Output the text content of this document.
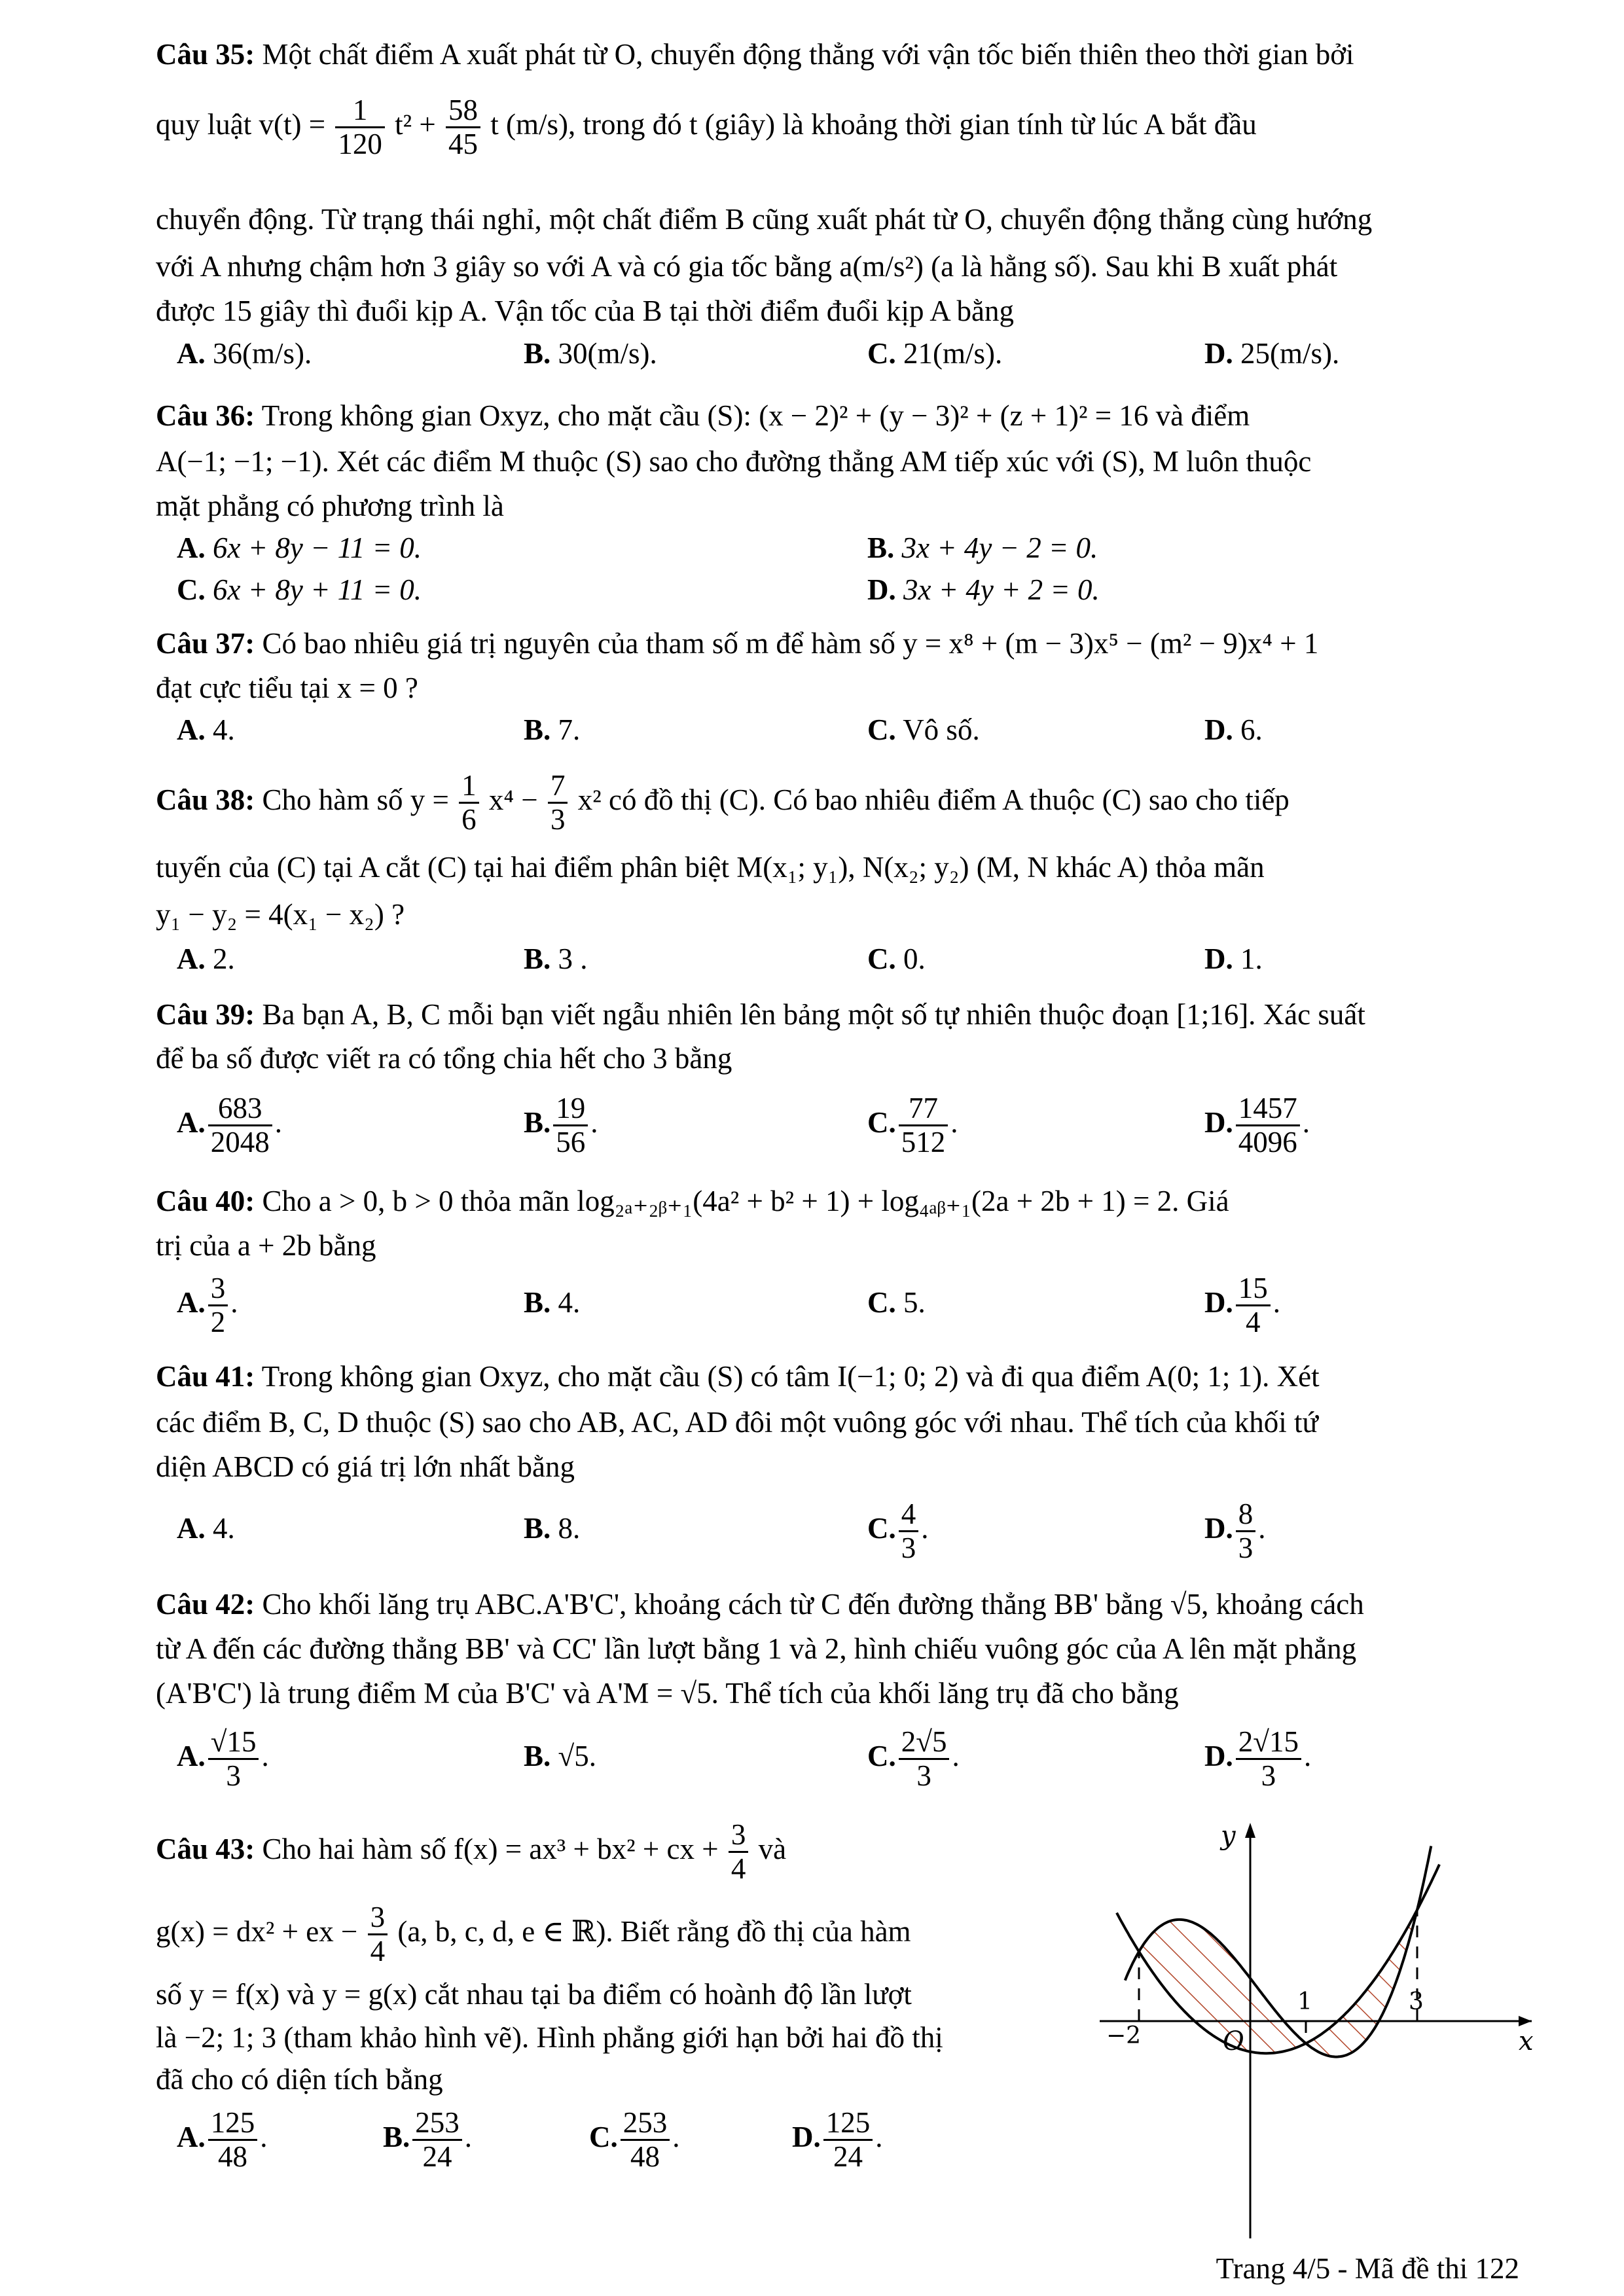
Câu 35: Một chất điểm A xuất phát từ O, chuyển động thẳng với vận tốc biến thiên theo thời gian bởi
quy luật $v(t) = \frac{1}{120} t^2 + \frac{58}{45}$ t (m/s), trong đó t (giây) là khoảng thời gian tính từ lúc A bắt đầu
chuyển động. Từ trạng thái nghỉ, một chất điểm B cũng xuất phát từ O, chuyển động thẳng cùng hướng
với A nhưng chậm hơn 3 giây so với A và có gia tốc bằng a(m/s²) (a là hằng số). Sau khi B xuất phát
được 15 giây thì đuổi kịp A. Vận tốc của B tại thời điểm đuổi kịp A bằng
A. 36(m/s).	B. 30(m/s).	C. 21(m/s).	D. 25(m/s).
Câu 36: Trong không gian Oxyz, cho mặt cầu (S): (x − 2)² + (y − 3)² + (z + 1)² = 16 và điểm
A(−1; −1; −1). Xét các điểm M thuộc (S) sao cho đường thẳng AM tiếp xúc với (S), M luôn thuộc
mặt phẳng có phương trình là
A. 6x + 8y − 11 = 0.	B. 3x + 4y − 2 = 0.
C. 6x + 8y + 11 = 0.	D. 3x + 4y + 2 = 0.
Câu 37: Có bao nhiêu giá trị nguyên của tham số m để hàm số y = x⁸ + (m − 3)x⁵ − (m² − 9)x⁴ + 1
đạt cực tiểu tại x = 0 ?
A. 4.	B. 7.	C. Vô số.	D. 6.
Câu 38: Cho hàm số $y = \frac{1}{6} x^4 - \frac{7}{3} x^2$ có đồ thị (C). Có bao nhiêu điểm A thuộc (C) sao cho tiếp
tuyến của (C) tại A cắt (C) tại hai điểm phân biệt M(x₁; y₁), N(x₂; y₂) (M, N khác A) thỏa mãn
y₁ − y₂ = 4(x₁ − x₂) ?
A. 2.	B. 3 .	C. 0.	D. 1.
Câu 39: Ba bạn A, B, C mỗi bạn viết ngẫu nhiên lên bảng một số tự nhiên thuộc đoạn [1;16]. Xác suất
để ba số được viết ra có tổng chia hết cho 3 bằng
A. $\frac{683}{2048}$ .	B. $\frac{19}{56}$ .	C. $\frac{77}{512}$ .	D. $\frac{1457}{4096}$ .
Câu 40: Cho a > 0, b > 0 thỏa mãn log₂ₐ₊₂ᵦ₊₁(4a² + b² + 1) + log₄ₐᵦ₊₁(2a + 2b + 1) = 2. Giá
trị của a + 2b bằng
A. $\frac{3}{2}$ .	B. 4.	C. 5.	D. $\frac{15}{4}$ .
Câu 41: Trong không gian Oxyz, cho mặt cầu (S) có tâm I(−1; 0; 2) và đi qua điểm A(0; 1; 1). Xét
các điểm B, C, D thuộc (S) sao cho AB, AC, AD đôi một vuông góc với nhau. Thể tích của khối tứ
diện ABCD có giá trị lớn nhất bằng
A. 4.	B. 8.	C. $\frac{4}{3}$ .	D. $\frac{8}{3}$ .
Câu 42: Cho khối lăng trụ ABC.A'B'C', khoảng cách từ C đến đường thẳng BB' bằng √5, khoảng cách
từ A đến các đường thẳng BB' và CC' lần lượt bằng 1 và 2, hình chiếu vuông góc của A lên mặt phẳng
(A'B'C') là trung điểm M của B'C' và A'M = √5. Thể tích của khối lăng trụ đã cho bằng
A. $\frac{√15}{3}$ .	B. √5.	C. $\frac{2√5}{3}$ .	D. $\frac{2√15}{3}$ .
Câu 43: Cho hai hàm số f(x) = ax³ + bx² + cx + $\frac{3}{4}$ và
g(x) = dx² + ex − $\frac{3}{4} (a$, b, c, d, e ∈ ℝ). Biết rằng đồ thị của hàm
số y = f(x) và y = g(x) cắt nhau tại ba điểm có hoành độ lần lượt
là −2; 1; 3 (tham khảo hình vẽ). Hình phẳng giới hạn bởi hai đồ thị
đã cho có diện tích bằng
A. $\frac{125}{48}$ .	B. $\frac{253}{24}$ .	C. $\frac{253}{48}$ .	D. $\frac{125}{24}$ .
y
x
O
−2
1	3
Trang 4/5 - Mã đề thi 122
